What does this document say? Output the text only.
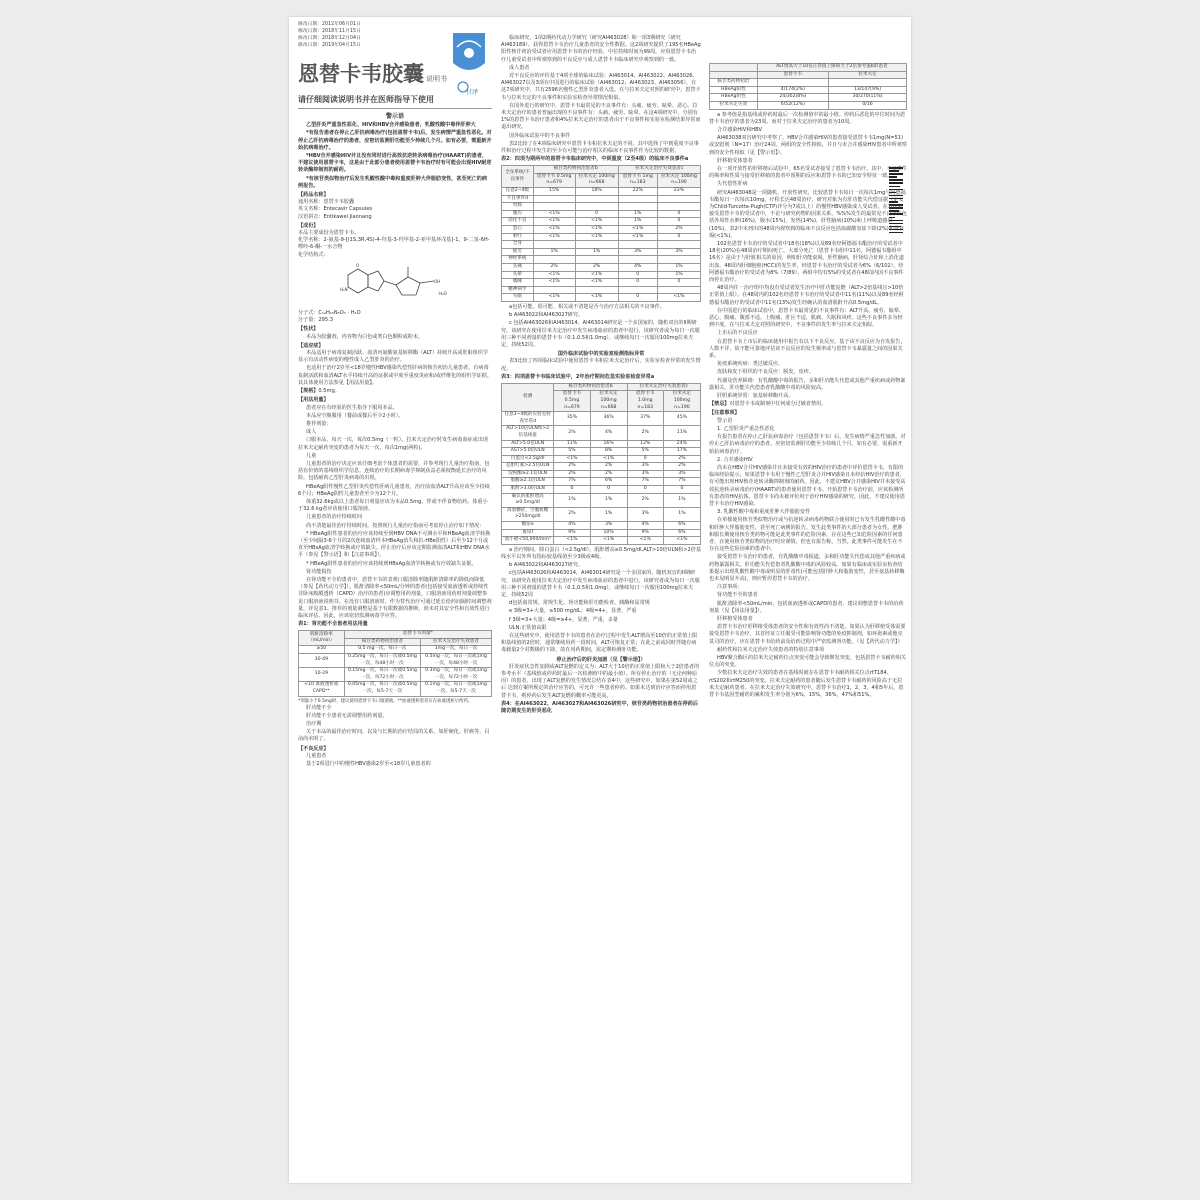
甘泽
修改日期：2012年06月01日
修改日期：2018年11月15日
修改日期：2018年12月04日
修改日期：2019年04月15日
恩替卡韦胶囊 说明书
请仔细阅读说明书并在医师指导下使用
警示语

乙型肝炎严重急性恶化、HIV和HBV合并感染患者，乳酸性酸中毒伴肝肿大

*有报告患者在停止乙肝抗病毒治疗(包括恩替卡韦)后，发生病情严重急性恶化。对停止乙肝抗病毒治疗的患者，应密切监测肝功能至少持续几个月。如有必要，需重新开始抗病毒治疗。

*HBV合并感染HIV并且没有同时进行高效抗逆转录病毒治疗(HAART)的患者，不建议使用恩替卡韦，这是由于此部分患者使用恩替卡韦治疗时有可能会出现HIV耐逆转录酶抑制剂的耐药。

*有核苷类似物治疗后发生乳酸性酸中毒和重度肝肿大伴脂肪变性，甚至死亡的病例报告。

【药品名称】
通用名称：恩替卡韦胶囊
英文名称：Entecavir Capsules
汉语拼音：Entikawei Jiaonang
【成份】
本品主要成份为恩替卡韦。
化学名称：2-氨基-9-[(1S,3R,4S)-4-羟基-3-羟甲基-2-亚甲基环戊基]-1，9-二氢-6H-嘌呤-6-酮-一水合物
化学结构式：
H₂N
O
OH
·H₂O
分子式：C₁₂H₁₅N₅O₃ · H₂O
分子量：295.3
【性状】

本品为胶囊剂，内容物为白色或类白色颗粒或粉末。

【适应症】

本品适用于病毒复制活跃、血清丙氨酸氨基转移酶（ALT）持续升高或肝脏组织学显示有活动性病变的慢性成人乙型肝炎的治疗。

也适用于治疗2岁至<18岁慢性HBV感染代偿性肝病的核苷初治儿童患者，有病毒复制活跃和血清ALT水平持续升高的证据或中度至重度炎症和/或纤维化的组织学证据。其具体使用方法参见【用法用量】。

【规格】0.5mg。
【用法用量】

患者应在有经验的医生指导下服用本品。

本品应空腹服用（餐前或餐后至少2小时）。

推荐剂量：

成人

口服本品，每天一次，每次0.5mg（一粒）。拉米夫定治疗时发生病毒血症或出现拉米夫定耐药突变的患者为每天一次，每次1mg(两粒)。

儿童

儿童患者的治疗决定应该仔细考虑个体患者的需要，并参考现行儿童治疗指南，包括有价值的基线组织学信息。连续治疗的长期病毒学抑制获益必须权衡延长治疗的风险，包括耐药乙型肝炎病毒的出现。

HBeAg阳性慢性乙型肝炎代偿性肝病儿童患者，治疗前血清ALT升高应该至少持续6个月；HBeAg阴性儿童患者至少为12个月。

体重32.6kg或以上患者每日剂量应该为本品0.5mg，伴或不伴食物给药。体重小于32.6 kg者应该使用口服溶液。

儿童患者的治疗持续时间

尚不清楚最佳治疗持续时间。按照现行儿童治疗指南可考虑停止治疗如下情况：

* HBeAg阳性患者的治疗应该持续至到HBV DNA不可测水平和HBeAg血清学转换（至少间隔3-6个月的2次连续血清样本HBeAg消失和抗-HBe阳性）后至少12个月或直至HBsAg血清学转换或疗效缺失。停止治疗后应该定期监测血清ALT和HBV DNA水平（参见【警示语】和【注意事项】）。

* HBeAg阴性患者的治疗应该持续到HBsAg血清学转换或有疗效缺失证据。

肾功能损伤

在肾功能不全的患者中，恩替卡韦的表观口服清除率随肌酐清除率的降低而降低（参见【药代动力学】）。肌酐清除率<50mL/分钟的患者(包括接受血液透析或持续性非卧床腹膜透析（CAPD）治疗的患者)应调整用药剂量，口服溶液用药时剂量调整参见口服溶液说明书。在没有口服溶液时，作为替代治疗可通过延长给药间隔时间调整剂量，详见表1。推荐的剂量调整是基于有限数据的推断，尚未对其安全性和有效性进行临床评估。因此，应该密切监测病毒学应答。

表1：肾功能不全患者用法用量
肌酐清除率（mL/min）	恩替卡韦剂量*	
	核苷类药物初治患者	拉米夫定治疗失效患者
≥50	0.5 mg一次，每日一次	1mg一次，每日一次
30-49	0.25mg一次，每日一次或0.5mg一次，每48小时一次	0.5mg一次，每日一次或1mg一次，每48小时一次
10-29	0.15mg一次，每日一次或0.5mg一次，每72小时一次	0.3mg一次，每日一次或1mg一次，每72小时一次
<10 血液透析或CAPD**	0.05mg一次，每日一次或0.5mg一次，每5-7天一次	0.1mg一次，每日一次或1mg一次，每5-7天一次
*剂量小于0.5mg时，建议使用恩替卡韦口服溶液。**血液透析患者应在血液透析后给药。

肝功能不全

肝功能不全患者无需调整用药剂量。

治疗期

关于本品的最佳治疗时间，以及与长期的治疗结局的关系，如肝硬化、肝癌等，目前尚未明了。

【不良反应】

儿童患者

基于2项进行中的慢性HBV感染2岁至<18岁儿童患者的

临床研究，1项2期药代动力学研究（研究AI463028）和一项3期研究（研究AI463189），获得恩替卡韦治疗儿童患者的安全性数据。这2项研究提供了195名HBeAg阳性核苷初治受试者应用恩替卡韦的治疗经验，中位持续时间为99周。应用恩替卡韦治疗儿童受试者中所观察到的不良反应与成人恩替卡韦临床研究中观察到的一致。

成人患者

对不良反应的评价基于4项全球的临床试验：AI463014、AI463022、AI463026、AI463027以及3项在中国进行的临床试验（AI463012、AI463023、AI463056），在这7项研究中，共有2596名慢性乙型肝炎患者入选。在与拉米夫定对照的研究中，恩替卡韦与拉米夫定的不良事件和实验室检查异常情况相似。

在国外进行的研究中，恩替卡韦最常见的不良事件有：头痛、疲劳、眩晕、恶心。拉米夫定治疗的患者普遍出现的不良事件有：头痛、疲劳、眩晕。在这4项研究中，分别有1%的恩替卡韦治疗患者和4%拉米夫定治疗的患者由于不良事件和实验室检测结果异常而退出研究。

国外临床试验中的不良事件

表2比较了在4项临床研究中恩替卡韦和拉米夫定的不同。其中选择了中到重度不良事件和治疗过程中发生的至少有可能与治疗相关的临床不良事件作为比较的数据。

表2：四项为期两年的恩替卡韦临床研究中，中到重度（2至4级）的临床不良事件a
全身系统/不良事件	核苷类药物初治患者b		拉米夫定治疗失效患者c	
	恩替卡韦 0.5mg n=679	拉米夫定 100mg n=668	恩替卡韦 1mg n=183	拉米夫定 100mg n=190
任意2~4级	15%	18%	22%	23%
不良事件d				
胃肠				
腹泻	<1%	0	1%	0
消化不良	<1%	<1%	1%	0
恶心	<1%	<1%	<1%	2%
呕吐	<1%	<1%	<1%	0
全身				
疲劳	1%	1%	3%	3%
神经系统				
头痛	2%	2%	4%	1%
头晕	<1%	<1%	0	1%
嗜睡	<1%	<1%	0	0
精神病学				
失眠	<1%	<1%	0	<1%

a包括可能、很可能、相关或不清楚是否与治疗方法相关的不良事件。

b AI463022和AI463027研究。

c 包括AI463026和AI463014，AI463014研究是一个多国家的、随机双盲的II期研究，该研究在使用拉米夫定治疗中发生病毒血症的患者中进行，该研究者或为每日一次服用三种不同剂量的恩替卡韦（0.1,0.5和1.0mg），或继续每日一次服用100mg拉米夫定，持续52周。

国外临床试验中的实验室检测指标异常

表3比较了四项临床试验中使用恩替卡韦和拉米夫定治疗后，实验室检查异常的发生情况。

表3：四项恩替卡韦临床试验中，2年治疗期间危急实验室检查异常a
检测	核苷类药物初治患者b		拉米夫定治疗失效患者c	
	恩替卡韦 0.5mg n=679	拉米夫定 100mg n=668	恩替卡韦 1.0mg n=183	拉米夫定 100mg n=190
任意3~4级的实验室检查异常d	35%	36%	37%	45%
ALT>10倍ULN和>2倍基线值	2%	4%	2%	11%
ALT>5.0倍ULN	11%	16%	12%	24%
AST>5.0倍ULN	5%	8%	5%	17%
白蛋白<2.5g/dl	<1%	<1%	0	2%
总胆红素>2.5倍ULN	2%	2%	3%	2%
淀粉酶≥2.1倍ULN	2%	2%	3%	3%
脂酶≥2.1倍ULN	7%	6%	7%	7%
肌酐>3.0倍ULN	0	0	0	0
确认的肌酐增高≥0.5mg/dl	1%	1%	2%	1%
高血糖症，空腹血糖>250mg/dl	2%	1%	3%	1%
糖尿e	4%	3%	4%	6%
血尿f	9%	10%	9%	6%
血小板<50,000/mm³	<1%	<1%	<1%	<1%

a 治疗期间，除白蛋白（<2.5g/dl）、肌酐增高≥0.5mg/dl,ALT>10倍ULN和>2倍基线水平以外所有指标较基线值至少3级或4级。

b AI463022和AI463027研究。

c包括AI463026和AI463014，AI463014研究是一个多国家的、随机双盲的II期研究，该研究在使用拉米夫定治疗中发生病毒血症的患者中进行，该研究者或为每日一次服用三种不同剂量的恩替卡韦（0.1,0.5和1.0mg），或继续每日一次服用100mg拉米夫定，持续52周

d包括血常规、常规生化、肾功能和肝功能检查、胰酶和尿常规

e 3级=3+大量，≥500 mg/dL；4级=4+，显著，严重

f 3级=3+大量；4级=≥4+，显著，严重，多量

ULN:正常值高限

在这些研究中，使用恩替卡韦的患者在治疗过程中发生ALT增高至10倍的正常值上限和基线值的2倍时，通常继续用药一段时间，ALT可恢复正常；在此之前或同时伴随有病毒载量2个对数级的下降，故在用药期间，需定期检测肝功能。

停止治疗后的肝炎加剧（见【警示语】）

肝炎症状急性加剧或ALT复燃的定义为：ALT大于10倍的正常值上限和大于2倍患者的参考水平（基线值或停药时最后一次检测值中的最小值）。所有停止治疗的（无论何种原因）的患者，出现了ALT复燃的发生情况总结在表4中，这些研究中，如果在第52周或之后 达到方案所规定的治疗应答的，可允许一些患者停药。如果未达到治疗应答而停用恩替卡韦，则停药后发生ALT复燃的概率可能更高。

表4：在AI463022、AI463027和AI463026研究中，核苷类药物初治患者在停药后随访期发生的肝炎恶化
	ALT增高大于10倍正常值上限和大于2倍参考值b的患者	
	恩替卡韦	拉米夫定
核苷类药物初治		
HBeAg阳性	4/174(2%)	13/147(9%)
HBeAg阴性	24/302(8%)	30/270(11%)
拉米夫定失效	6/52(12%)	0/16

a 参考值是指基线或停药时最后一次检测值中的最小值。停药后恶化的中位时间为恩替卡韦治疗的患者为23周，而对于拉米夫定治疗的患者为10周。

合并感染HIV和HBV

AI463038双盲研究中考察了，HBV合并感染HIV的患者接受恩替卡韦1mg(N=51)或安慰剂（N=17）治疗24周，两组的安全性相似，并且与未合并感染HIV患者中所观察到的安全性相似（见【警示语】）。

肝移植受体患者

在一项开放性的肝移植后试验中，65名受试者接受了恩替卡韦治疗。其中，不良事件的频率和性质与接受肝移植的患者中预期的反应和恩替卡韦的已知安全特征一致。

失代偿性肝病

研究AI463048是一项随机，开放性研究，比较恩替卡韦每日一次每次1mg与阿德福韦酯每日一次每次10mg，疗程长达48周治疗，研究对象为有肝功能失代偿证据（定义为Child-Turcotte-Pugh(CTP)评分为7或以上）的慢性HBV感染成人受试者。在102名接受恩替卡韦的受试者中，不论与研究药物的因果关系，%%%发生的最常见不良事件包括外周性水肿(16%)，腹水(15%)，发热(14%)，肝性脑病(10%)和上呼吸道感染(10%)。表2中未列出的48周内观察到的临床不良反应包括血碳酸氢盐下降(2%)和肾衰竭(<1%)。

102名恩替卡韦治疗的受试者中18名(18%)以及89名经阿德福韦酯治疗的受试者中18名(20%)在48周治疗期间死亡，大部分死亡（恩替卡韦组中11名，阿德福韦酯组中16名）是由于与肝脏相关的原因，例如肝功能衰竭，肝性脑病，肝肾综合征和上消化道出血。48周内肝细胞癌(HCC)的发生率，经恩替卡韦治疗的受试者为6%（6/102），经阿德福韦酯治疗的受试者为8%（7/89）。两组中均有5%的受试者在48周内因不良事件而停止治疗。

48周内任一治疗组中均没有受试者发生治疗中肝功能复燃（ALT>2倍基线且>10倍正常值上限）。在48周内的102名经恩替卡韦治疗的受试者中11名(11%)以及89名经阿德福韦酯治疗的受试者中11名(13%)发生经确认的血清肌酐升高0.5mg/dL。

在中国进行的临床试验中，恩替卡韦最常见的不良事件有：ALT升高、疲劳、眩晕、恶心、腹痛、腹部不适、上腹痛、肝区不适、肌痛、失眠和风疹。这些不良事件多为轻到中度。在与拉米夫定对照的研究中，不良事件的发生率与拉米夫定相似。

上市后的不良反应

在恩替卡韦上市后的临床使用中报告有以下不良反应。基于该不良反应为自发报告，人数不详，故不能可靠地评估该不良反应的发生频率或与恩替卡韦暴露量之间的因果关系。

免疫系统疾病：类过敏反应。

皮肤和皮下组织的不良反应：脱发，皮疹。

代谢及营养障碍：有乳酸酸中毒的报告，多和肝功能失代偿或其他严重疾病或药物暴露相关，肝功能失代偿患者乳酸酸中毒的风险较高。

肝胆系统异常：氨基转移酶升高。

【禁忌】对恩替卡韦或制剂中任何成分过敏者禁用。
【注意事项】

警示语

1. 乙型肝炎严重急性恶化

有报告患者在停止乙肝抗病毒治疗（包括恩替卡韦）后，发生病情严重急性加剧。对停止乙肝抗病毒治疗的患者，应密切监测肝功能至少持续几个月。如有必要，需重新开始抗病毒治疗。

2. 合并感染HIV

尚未在HBV合并HIV感染并且未接受有效的HIV治疗的患者中评价恩替卡韦，有限的临床经验提示，如果恩替卡韦用于慢性乙型肝炎合并HIV感染且未经抗HIV治疗的患者，有可能出现HIV核苷逆转录酶抑制剂的耐药。因此，不建议HBV合并感染HIV并未接受高效抗逆转录病毒治疗(HAART)的患者使用恩替卡韦。开始恩替卡韦治疗前，应该检测所有患者的HIV抗体。恩替卡韦尚未被评价用于治疗HIV感染的研究，因此，不建议使用恩替卡韦治疗HIV感染。

3. 乳酸性酸中毒和重度肝肿大伴脂肪变性

在单独使用核苷类似物治疗或与抗逆转录病毒药物联合使用时已有发生乳酸性酸中毒和肝肿大伴脂肪变性，甚至死亡病例的报告。发生此类事件的大部分患者为女性。肥胖和服长期使用核苷类药物可能是此类事件的危险因素。存在这些已知危险因素的任何患者，在使用核苷类似物的治疗时应谨慎，但也有报告称，当然，此类事件可能发生在不存在这些危险因素的患者中。

接受恩替卡韦治疗的患者，有乳酸酸中毒报道，多和肝功能失代偿或其他严重疾病或药物暴露相关。肝功能失代偿患者乳酸酸中毒的风险较高。如果有临床或实验室检查结果提示出现乳酸性酸中毒或明显的肝毒性(可能包括肝肿大和脂肪变性，甚至氨基转移酶也未见明显升高)，则应暂停恩替卡韦的治疗。

注意事项：

肾功能不全的患者

肌酐清除率<50mL/min，包括血液透析或CAPD的患者，建议调整恩替卡韦的给药剂量（见【用法用量】）。

肝移植受体患者

恩替卡韦治疗肝移植受体患者的安全性和有效性尚不清楚。如果认为肝移植受体需要接受恩替卡韦治疗，其首经证立任服受可能影响肾功能的免疫抑制剂，如环孢素或他克莫司的治疗，应在恩替卡韦给药前及给药过程中严密监测肾功能。（见【药代动力学】）

耐药性和拉米夫定治疗失效患者的特别注意事项

HBV聚合酶区的拉米夫定耐药位点突变可能会导致继发突变，包括恩替卡韦耐药相关位点的突变。

少数拉米夫定治疗失效的患者在基线时就存在恩替卡韦耐药相关位点rtT184、rtS202和rtM250的突变。拉米夫定耐药的患者随后发生恩替卡韦耐药的风险高于无拉米夫定耐药患者。在拉米夫定治疗失效研究中，恩替卡韦治疗1，2，3，4和5年后，恩替卡韦基因型耐药的累积发生率分别为6%，15%，36%，47%和51%。
